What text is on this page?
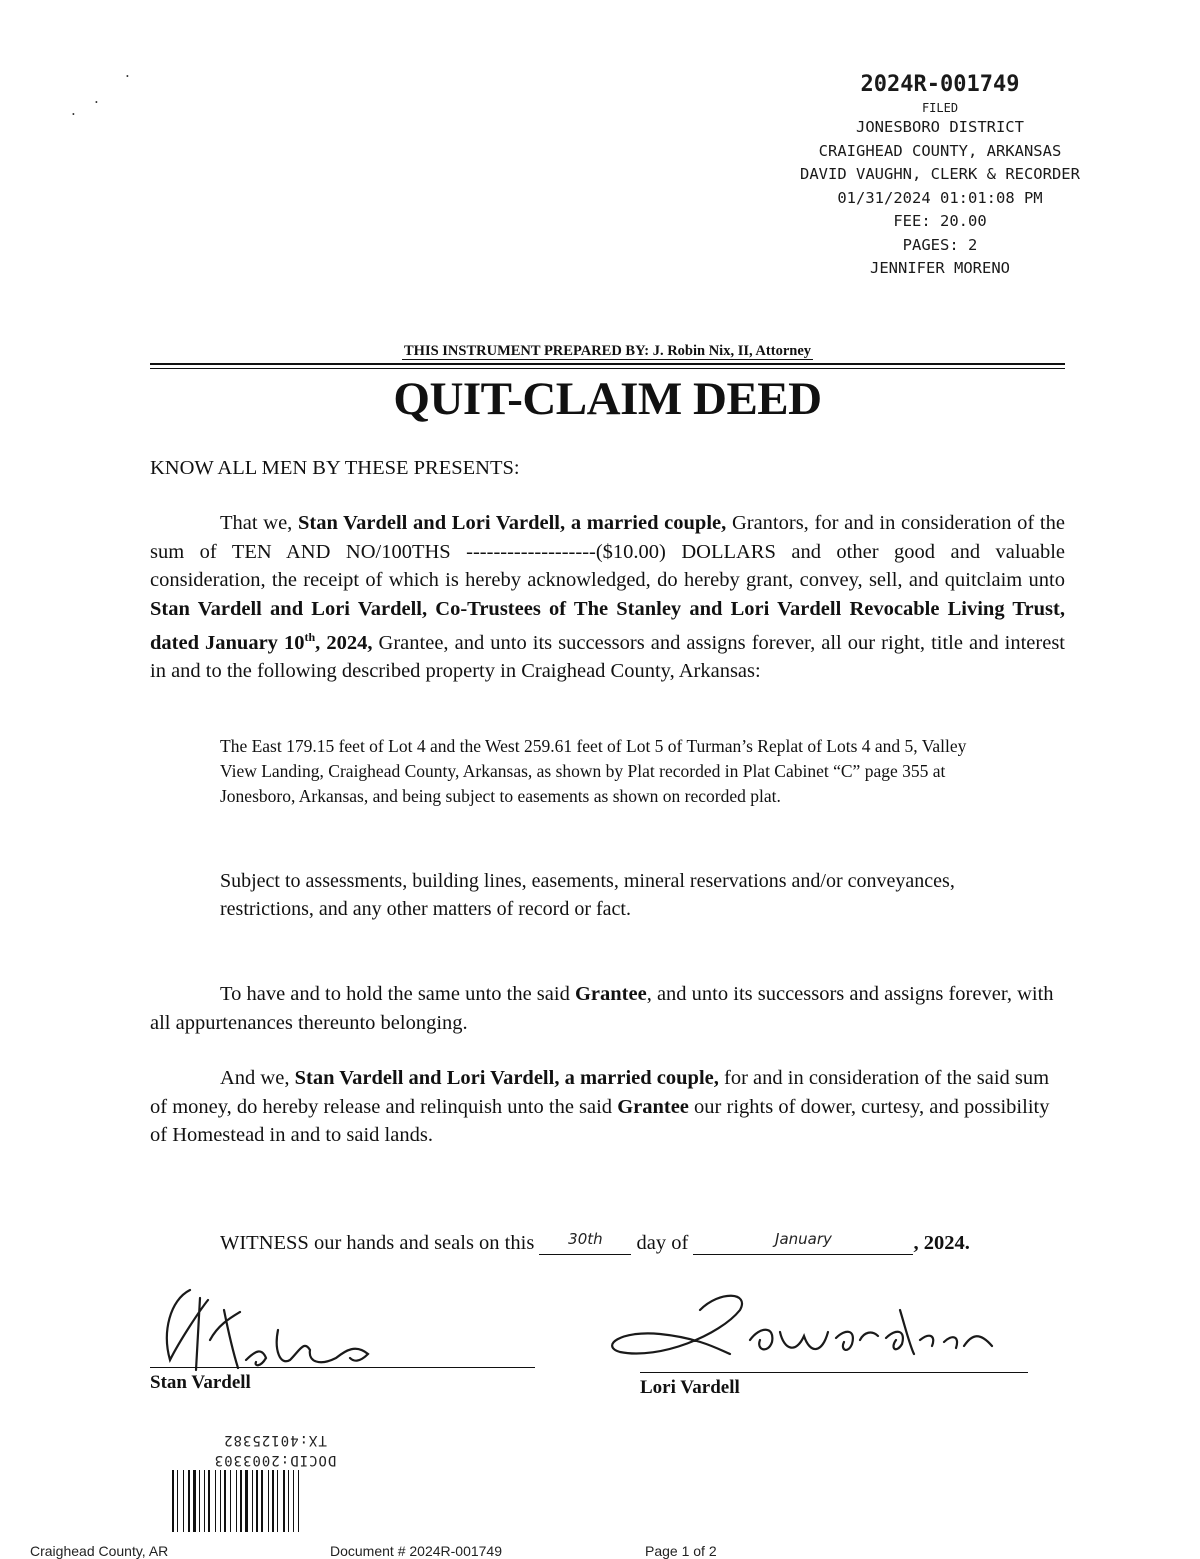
•
•
•
2024R-001749
FILED
JONESBORO DISTRICT
CRAIGHEAD COUNTY, ARKANSAS
DAVID VAUGHN, CLERK & RECORDER
01/31/2024 01:01:08 PM
FEE: 20.00
PAGES: 2
JENNIFER MORENO
THIS INSTRUMENT PREPARED BY: J. Robin Nix, II, Attorney
QUIT-CLAIM DEED
KNOW ALL MEN BY THESE PRESENTS:
That we, Stan Vardell and Lori Vardell, a married couple, Grantors, for and in consideration of the sum of TEN AND NO/100THS -------------------($10.00) DOLLARS and other good and valuable consideration, the receipt of which is hereby acknowledged, do hereby grant, convey, sell, and quitclaim unto Stan Vardell and Lori Vardell, Co-Trustees of The Stanley and Lori Vardell Revocable Living Trust, dated January 10th, 2024, Grantee, and unto its successors and assigns forever, all our right, title and interest in and to the following described property in Craighead County, Arkansas:
The East 179.15 feet of Lot 4 and the West 259.61 feet of Lot 5 of Turman’s Replat of Lots 4 and 5, Valley View Landing, Craighead County, Arkansas, as shown by Plat recorded in Plat Cabinet “C” page 355 at Jonesboro, Arkansas, and being subject to easements as shown on recorded plat.
Subject to assessments, building lines, easements, mineral reservations and/or conveyances, restrictions, and any other matters of record or fact.
To have and to hold the same unto the said Grantee, and unto its successors and assigns forever, with all appurtenances thereunto belonging.
And we, Stan Vardell and Lori Vardell, a married couple, for and in consideration of the said sum of money, do hereby release and relinquish unto the said Grantee our rights of dower, curtesy, and possibility of Homestead in and to said lands.
WITNESS our hands and seals on this	30th	day of	January	, 2024.
Stan Vardell	Lori Vardell
TX:40125382
DOCID:2003303
Craighead County, AR	Document # 2024R-001749	Page 1 of 2
